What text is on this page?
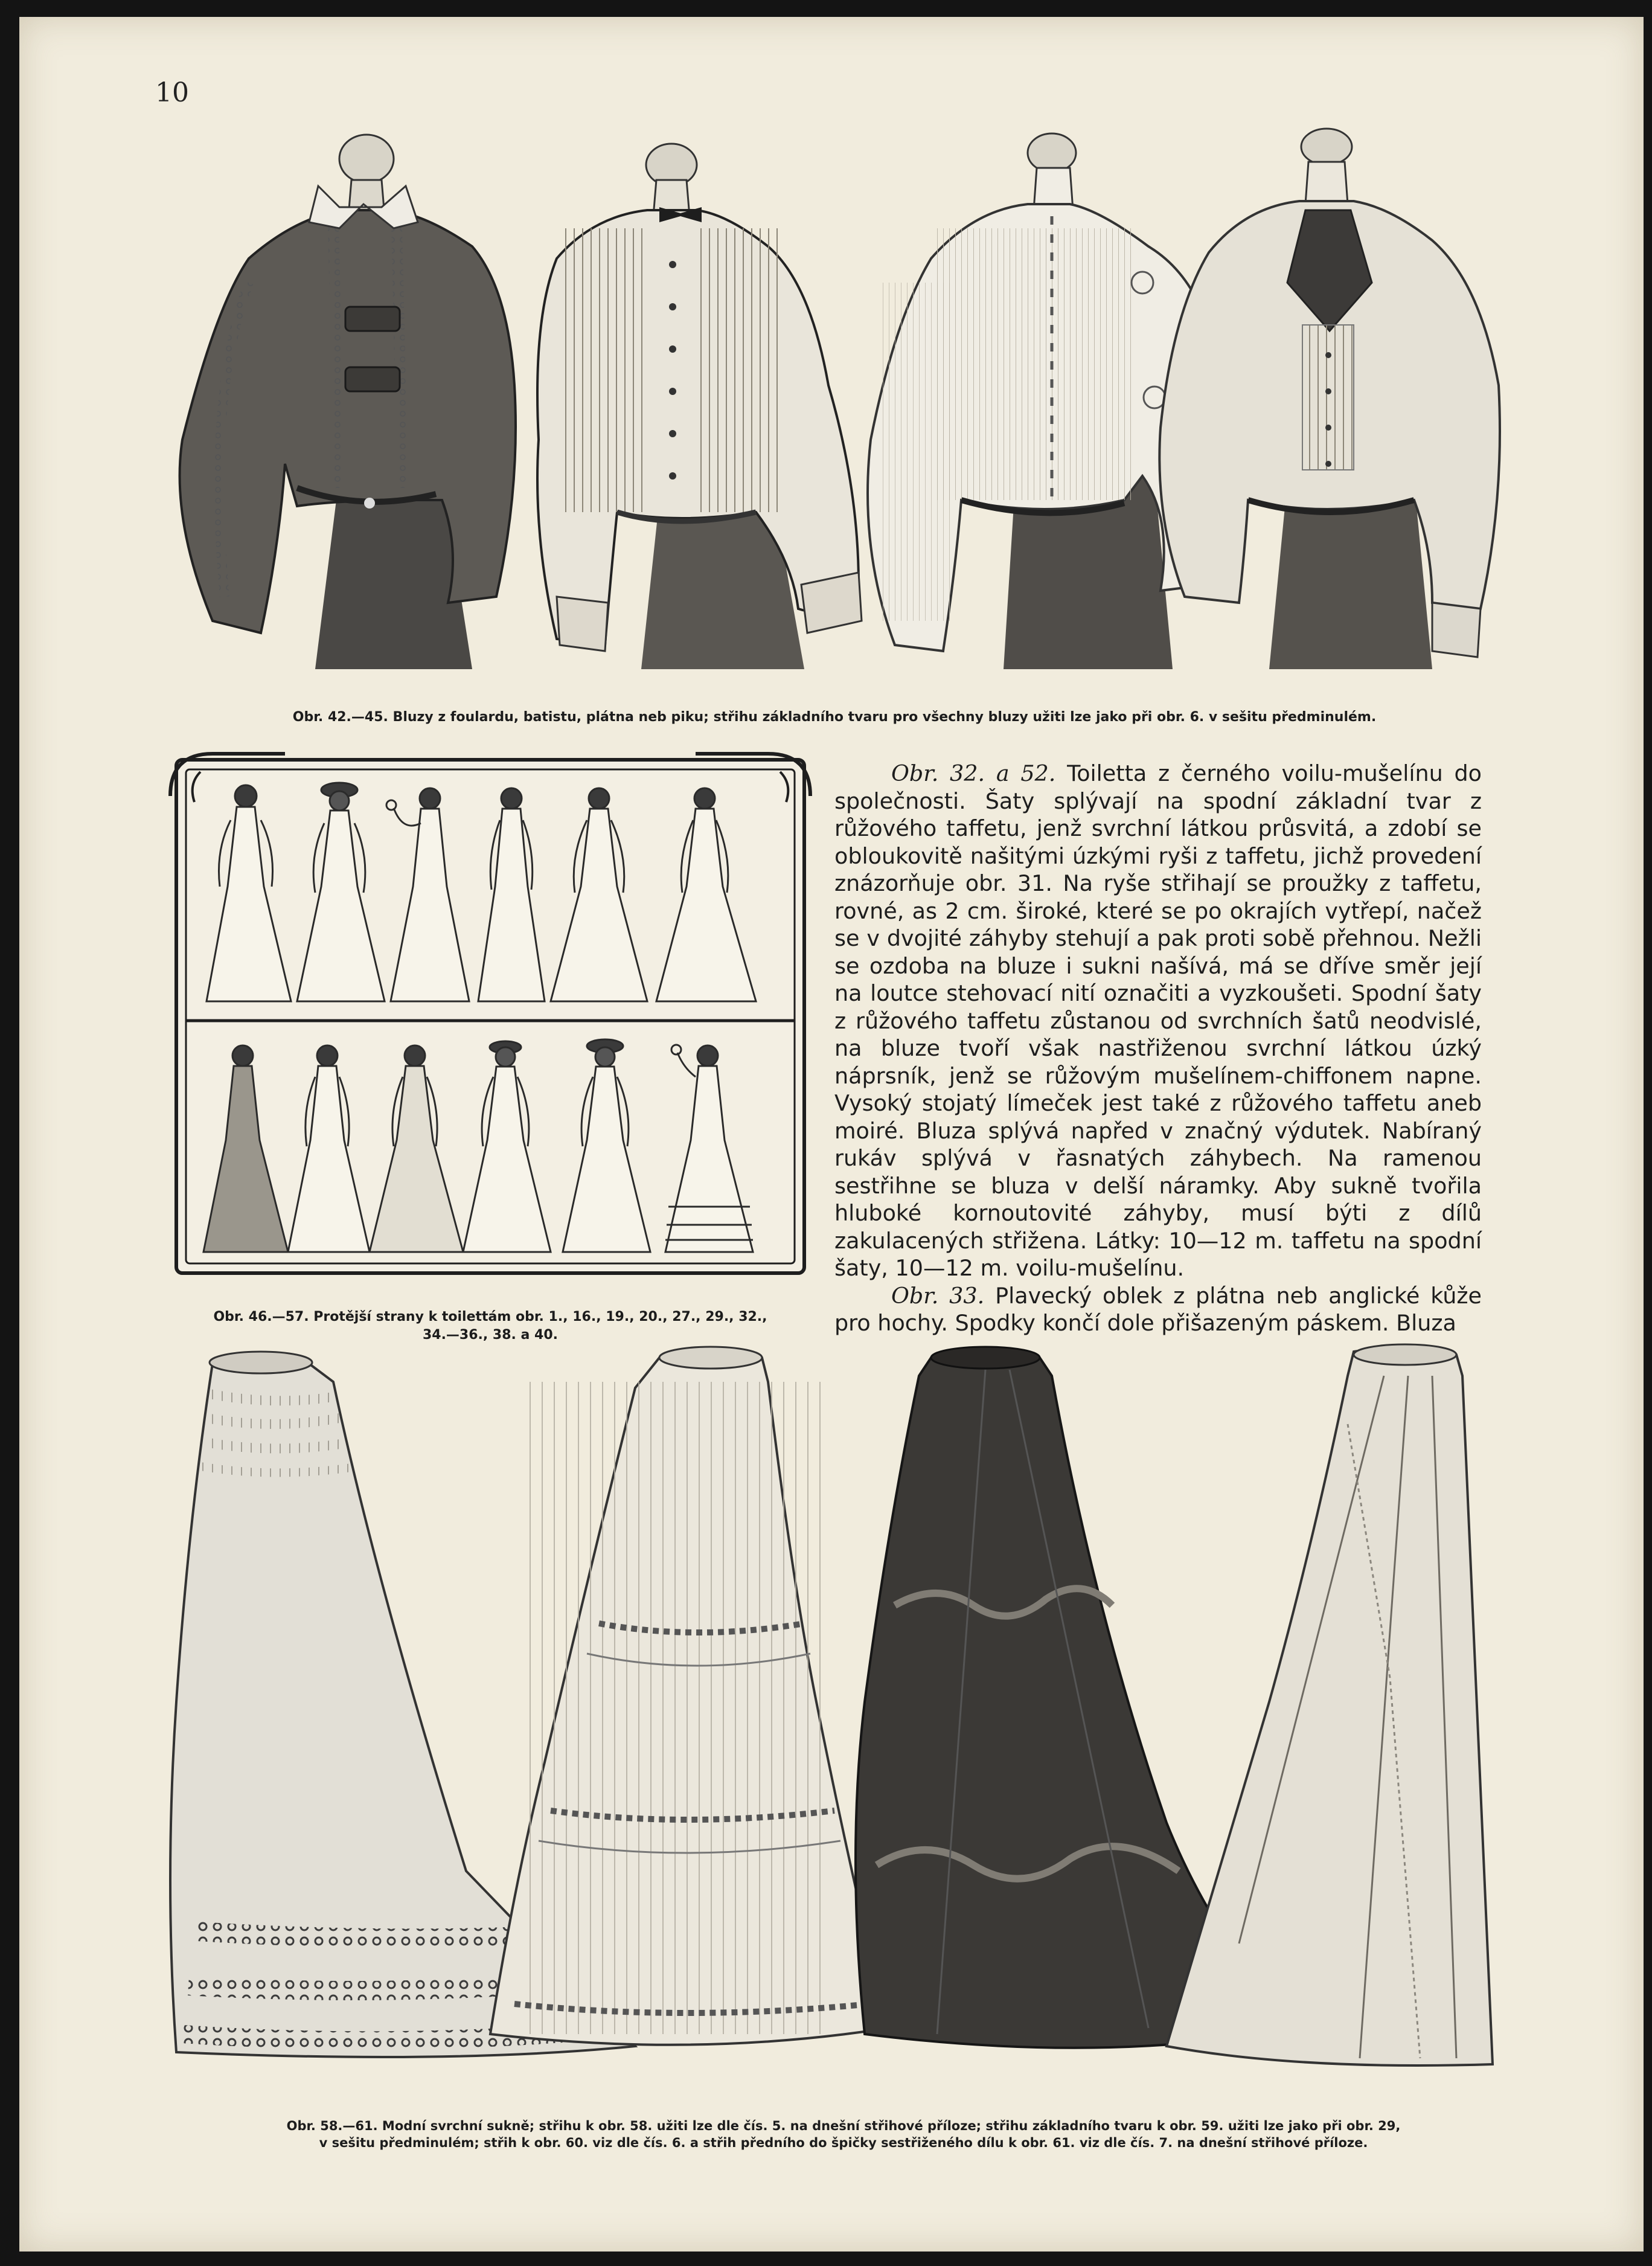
10
Obr. 42.—45. Bluzy z foulardu, batistu, plátna neb piku; střihu základního tvaru pro všechny bluzy užiti lze jako při obr. 6. v sešitu předminulém.
Obr. 46.—57. Protější strany k toilettám obr. 1., 16., 19., 20., 27., 29., 32.,
34.—36., 38. a 40.

Obr. 32. a 52. Toiletta z černého voilu-mušelínu do společnosti. Šaty splývají na spodní základní tvar z růžového taffetu, jenž svrchní látkou průsvitá, a zdobí se obloukovitě našitými úzkými ryši z taffetu, jichž provedení znázorňuje obr. 31. Na ryše střihají se proužky z taffetu, rovné, as 2 cm. široké, které se po okrajích vytřepí, načež se v dvojité záhyby stehují a pak proti sobě přehnou. Nežli se ozdoba na bluze i sukni našívá, má se dříve směr její na loutce stehovací nití označiti a vyzkoušeti. Spodní šaty z růžového taffetu zůstanou od svrchních šatů neodvislé, na bluze tvoří však nastřiženou svrchní látkou úzký náprsník, jenž se růžovým mušelínem-chiffonem napne. Vysoký stojatý límeček jest také z růžového taffetu aneb moiré. Bluza splývá napřed v značný výdutek. Nabíraný rukáv splývá v řasnatých záhybech. Na ramenou sestřihne se bluza v delší náramky. Aby sukně tvořila hluboké kornoutovité záhyby, musí býti z dílů zakulacených střižena. Látky: 10—12 m. taffetu na spodní šaty, 10—12 m. voilu-mušelínu.

Obr. 33. Plavecký oblek z plátna neb anglické kůže pro hochy. Spodky končí dole přišazeným páskem. Bluza

Obr. 58.—61. Modní svrchní sukně; střihu k obr. 58. užiti lze dle čís. 5. na dnešní střihové příloze; střihu základního tvaru k obr. 59. užiti lze jako při obr. 29,
v sešitu předminulém; střih k obr. 60. viz dle čís. 6. a střih předního do špičky sestřiženého dílu k obr. 61. viz dle čís. 7. na dnešní střihové příloze.
